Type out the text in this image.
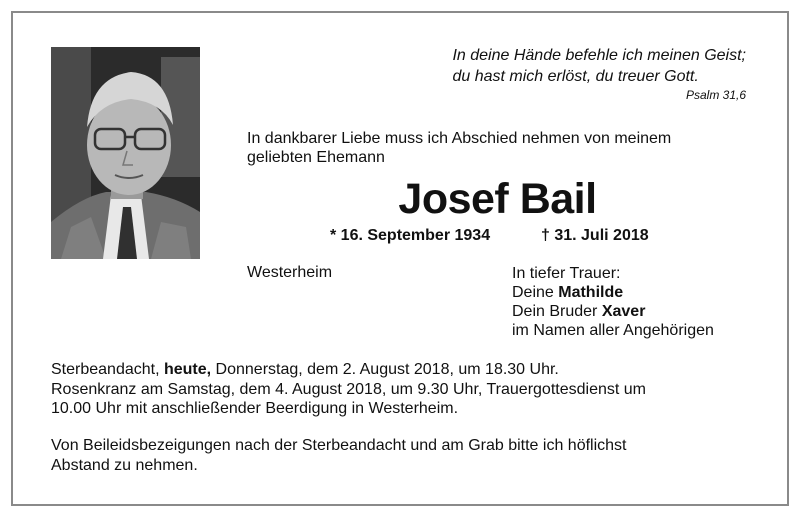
In deine Hände befehle ich meinen Geist;
du hast mich erlöst, du treuer Gott.
Psalm 31,6
In dankbarer Liebe muss ich Abschied nehmen von meinem
geliebten Ehemann
Josef Bail
* 16. September 1934	† 31. Juli 2018
Westerheim	In tiefer Trauer:
Deine Mathilde
Dein Bruder Xaver
im Namen aller Angehörigen
Sterbeandacht, heute, Donnerstag, dem 2. August 2018, um 18.30 Uhr.
Rosenkranz am Samstag, dem 4. August 2018, um 9.30 Uhr, Trauergottesdienst um
10.00 Uhr mit anschließender Beerdigung in Westerheim.
Von Beileidsbezeigungen nach der Sterbeandacht und am Grab bitte ich höflichst
Abstand zu nehmen.
